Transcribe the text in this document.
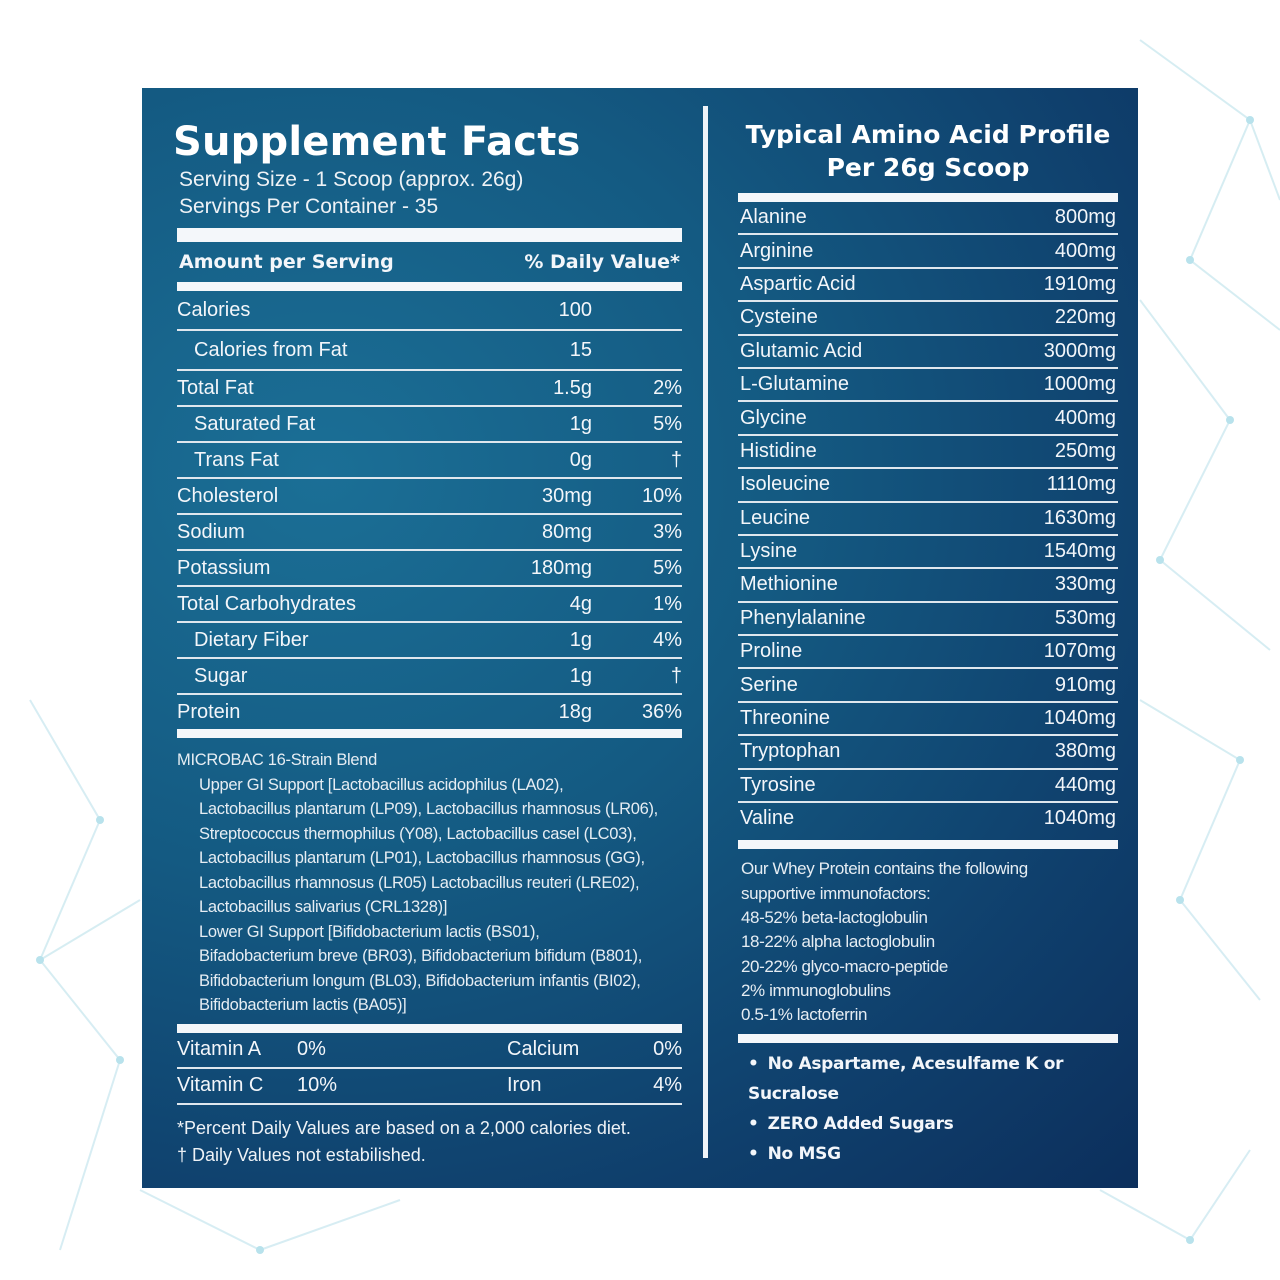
Supplement Facts
Serving Size - 1 Scoop (approx. 26g)
Servings Per Container - 35
Amount per Serving	% Daily Value*
Calories	100
Calories from Fat	15
Total Fat	1.5g	2%
Saturated Fat	1g	5%
Trans Fat	0g	†
Cholesterol	30mg	10%
Sodium	80mg	3%
Potassium	180mg	5%
Total Carbohydrates	4g	1%
Dietary Fiber	1g	4%
Sugar	1g	†
Protein	18g	36%
MICROBAC 16-Strain Blend
Upper GI Support [Lactobacillus acidophilus (LA02),
Lactobacillus plantarum (LP09), Lactobacillus rhamnosus (LR06),
Streptococcus thermophilus (Y08), Lactobacillus casel (LC03),
Lactobacillus plantarum (LP01), Lactobacillus rhamnosus (GG),
Lactobacillus rhamnosus (LR05) Lactobacillus reuteri (LRE02),
Lactobacillus salivarius (CRL1328)]
Lower GI Support [Bifidobacterium lactis (BS01),
Bifadobacterium breve (BR03), Bifidobacterium bifidum (B801),
Bifidobacterium longum (BL03), Bifidobacterium infantis (BI02),
Bifidobacterium lactis (BA05)]
Vitamin A	0%	Calcium	0%
Vitamin C	10%	Iron	4%
*Percent Daily Values are based on a 2,000 calories diet.
† Daily Values not estabilished.
Typical Amino Acid Profile
Per 26g Scoop
Alanine	800mg
Arginine	400mg
Aspartic Acid	1910mg
Cysteine	220mg
Glutamic Acid	3000mg
L-Glutamine	1000mg
Glycine	400mg
Histidine	250mg
Isoleucine	1110mg
Leucine	1630mg
Lysine	1540mg
Methionine	330mg
Phenylalanine	530mg
Proline	1070mg
Serine	910mg
Threonine	1040mg
Tryptophan	380mg
Tyrosine	440mg
Valine	1040mg
Our Whey Protein contains the following
supportive immunofactors:
48-52% beta-lactoglobulin
18-22% alpha lactoglobulin
20-22% glyco-macro-peptide
2% immunoglobulins
0.5-1% lactoferrin
• No Aspartame, Acesulfame K or Sucralose
• ZERO Added Sugars
• No MSG
